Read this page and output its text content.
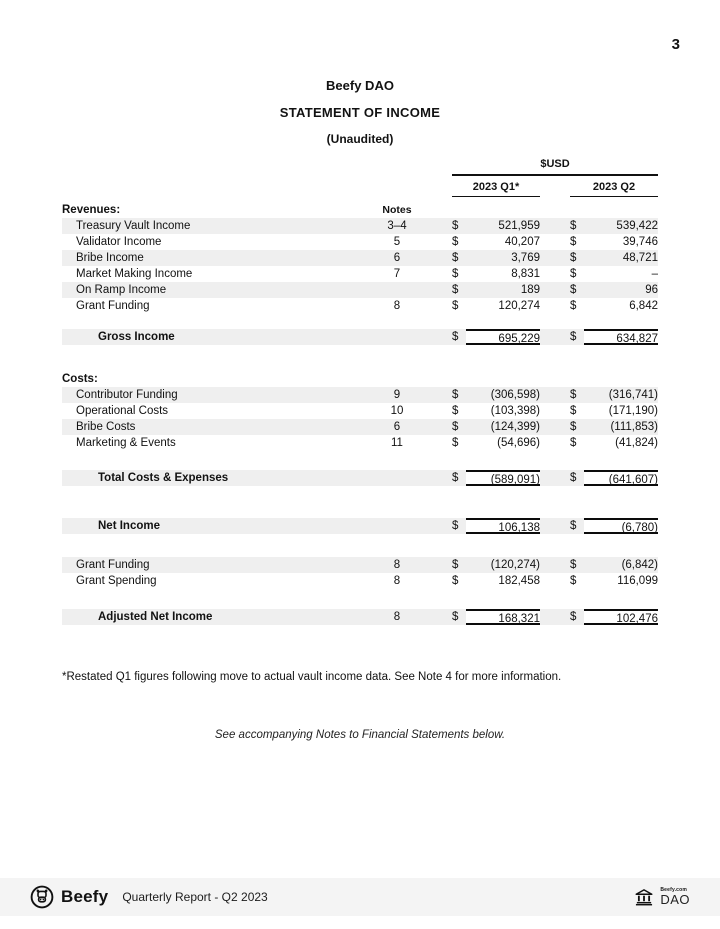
3
Beefy DAO
STATEMENT OF INCOME
(Unaudited)
$USD
2023 Q1*	2023 Q2
Revenues:	Notes
Treasury Vault Income	3–4	$	521,959	$	539,422
Validator Income	5	$	40,207	$	39,746
Bribe Income	6	$	3,769	$	48,721
Market Making Income	7	$	8,831	$	–
On Ramp Income	$	189	$	96
Grant Funding	8	$	120,274	$	6,842
Gross Income	$	695,229	$	634,827
Costs:
Contributor Funding	9	$	(306,598)	$	(316,741)
Operational Costs	10	$	(103,398)	$	(171,190)
Bribe Costs	6	$	(124,399)	$	(111,853)
Marketing & Events	11	$	(54,696)	$	(41,824)
Total Costs & Expenses	$	(589,091)	$	(641,607)
Net Income	$	106,138	$	(6,780)
Grant Funding	8	$	(120,274)	$	(6,842)
Grant Spending	8	$	182,458	$	116,099
Adjusted Net Income	8	$	168,321	$	102,476
*Restated Q1 figures following move to actual vault income data. See Note 4 for more information.
See accompanying Notes to Financial Statements below.
Beefy Quarterly Report - Q2 2023	Beefy.com
DAO
